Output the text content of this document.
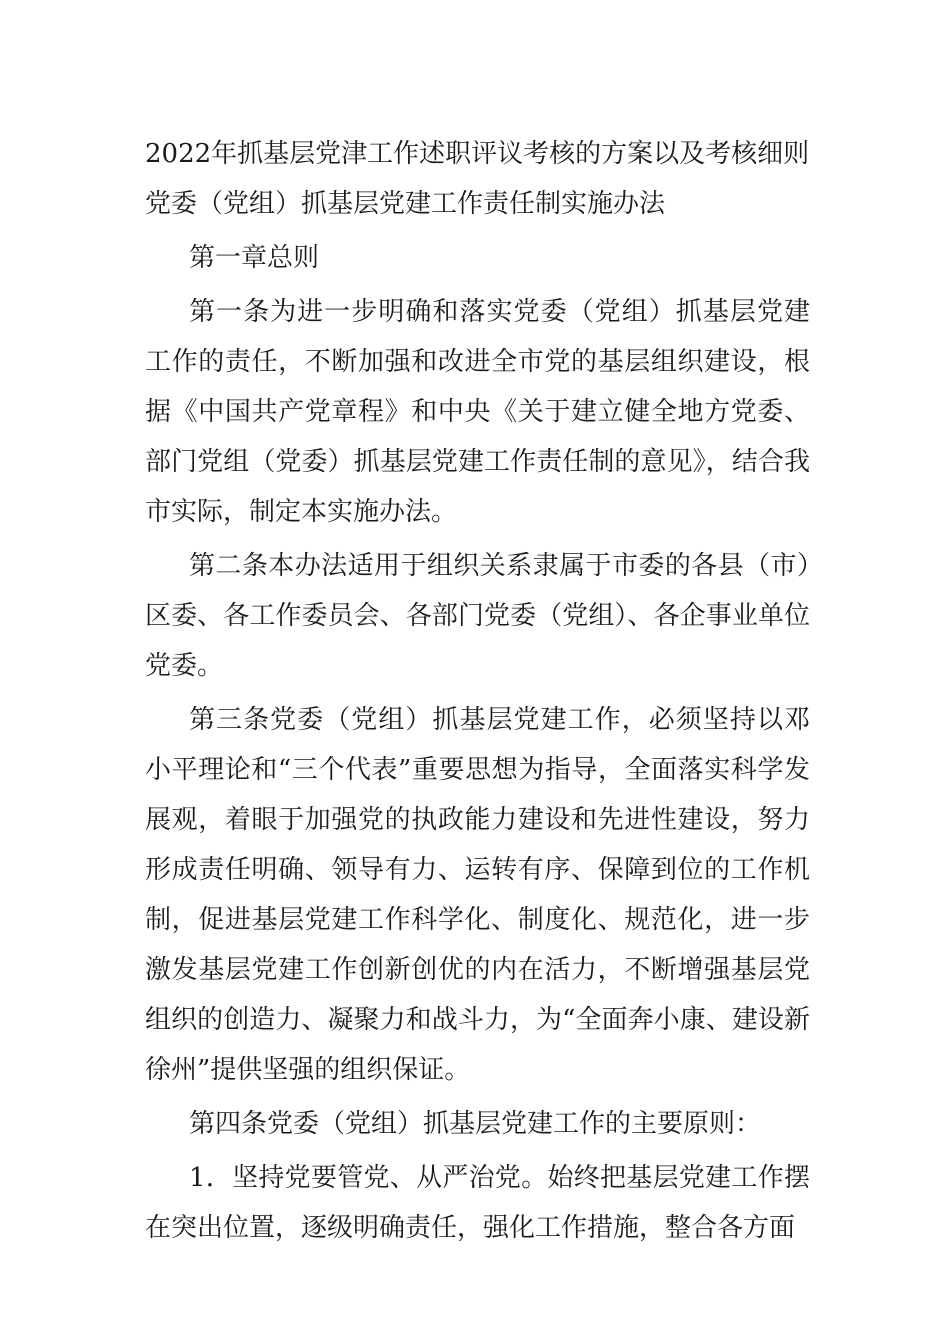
2022年抓基层党津工作述职评议考核的方案以及考核细则

党委（党组）抓基层党建工作责任制实施办法

第一章总则

第一条为进一步明确和落实党委（党组）抓基层党建工作的责任，不断加强和改进全市党的基层组织建设，根据《中国共产党章程》和中央《关于建立健全地方党委、部门党组（党委）抓基层党建工作责任制的意见》，结合我市实际，制定本实施办法。

第二条本办法适用于组织关系隶属于市委的各县（市）区委、各工作委员会、各部门党委（党组）、各企事业单位党委。

第三条党委（党组）抓基层党建工作，必须坚持以邓小平理论和“三个代表”重要思想为指导，全面落实科学发展观，着眼于加强党的执政能力建设和先进性建设，努力形成责任明确、领导有力、运转有序、保障到位的工作机制，促进基层党建工作科学化、制度化、规范化，进一步激发基层党建工作创新创优的内在活力，不断增强基层党组织的创造力、凝聚力和战斗力，为“全面奔小康、建设新徐州”提供坚强的组织保证。

第四条党委（党组）抓基层党建工作的主要原则：

1．坚持党要管党、从严治党。始终把基层党建工作摆在突出位置，逐级明确责任，强化工作措施，整合各方面
